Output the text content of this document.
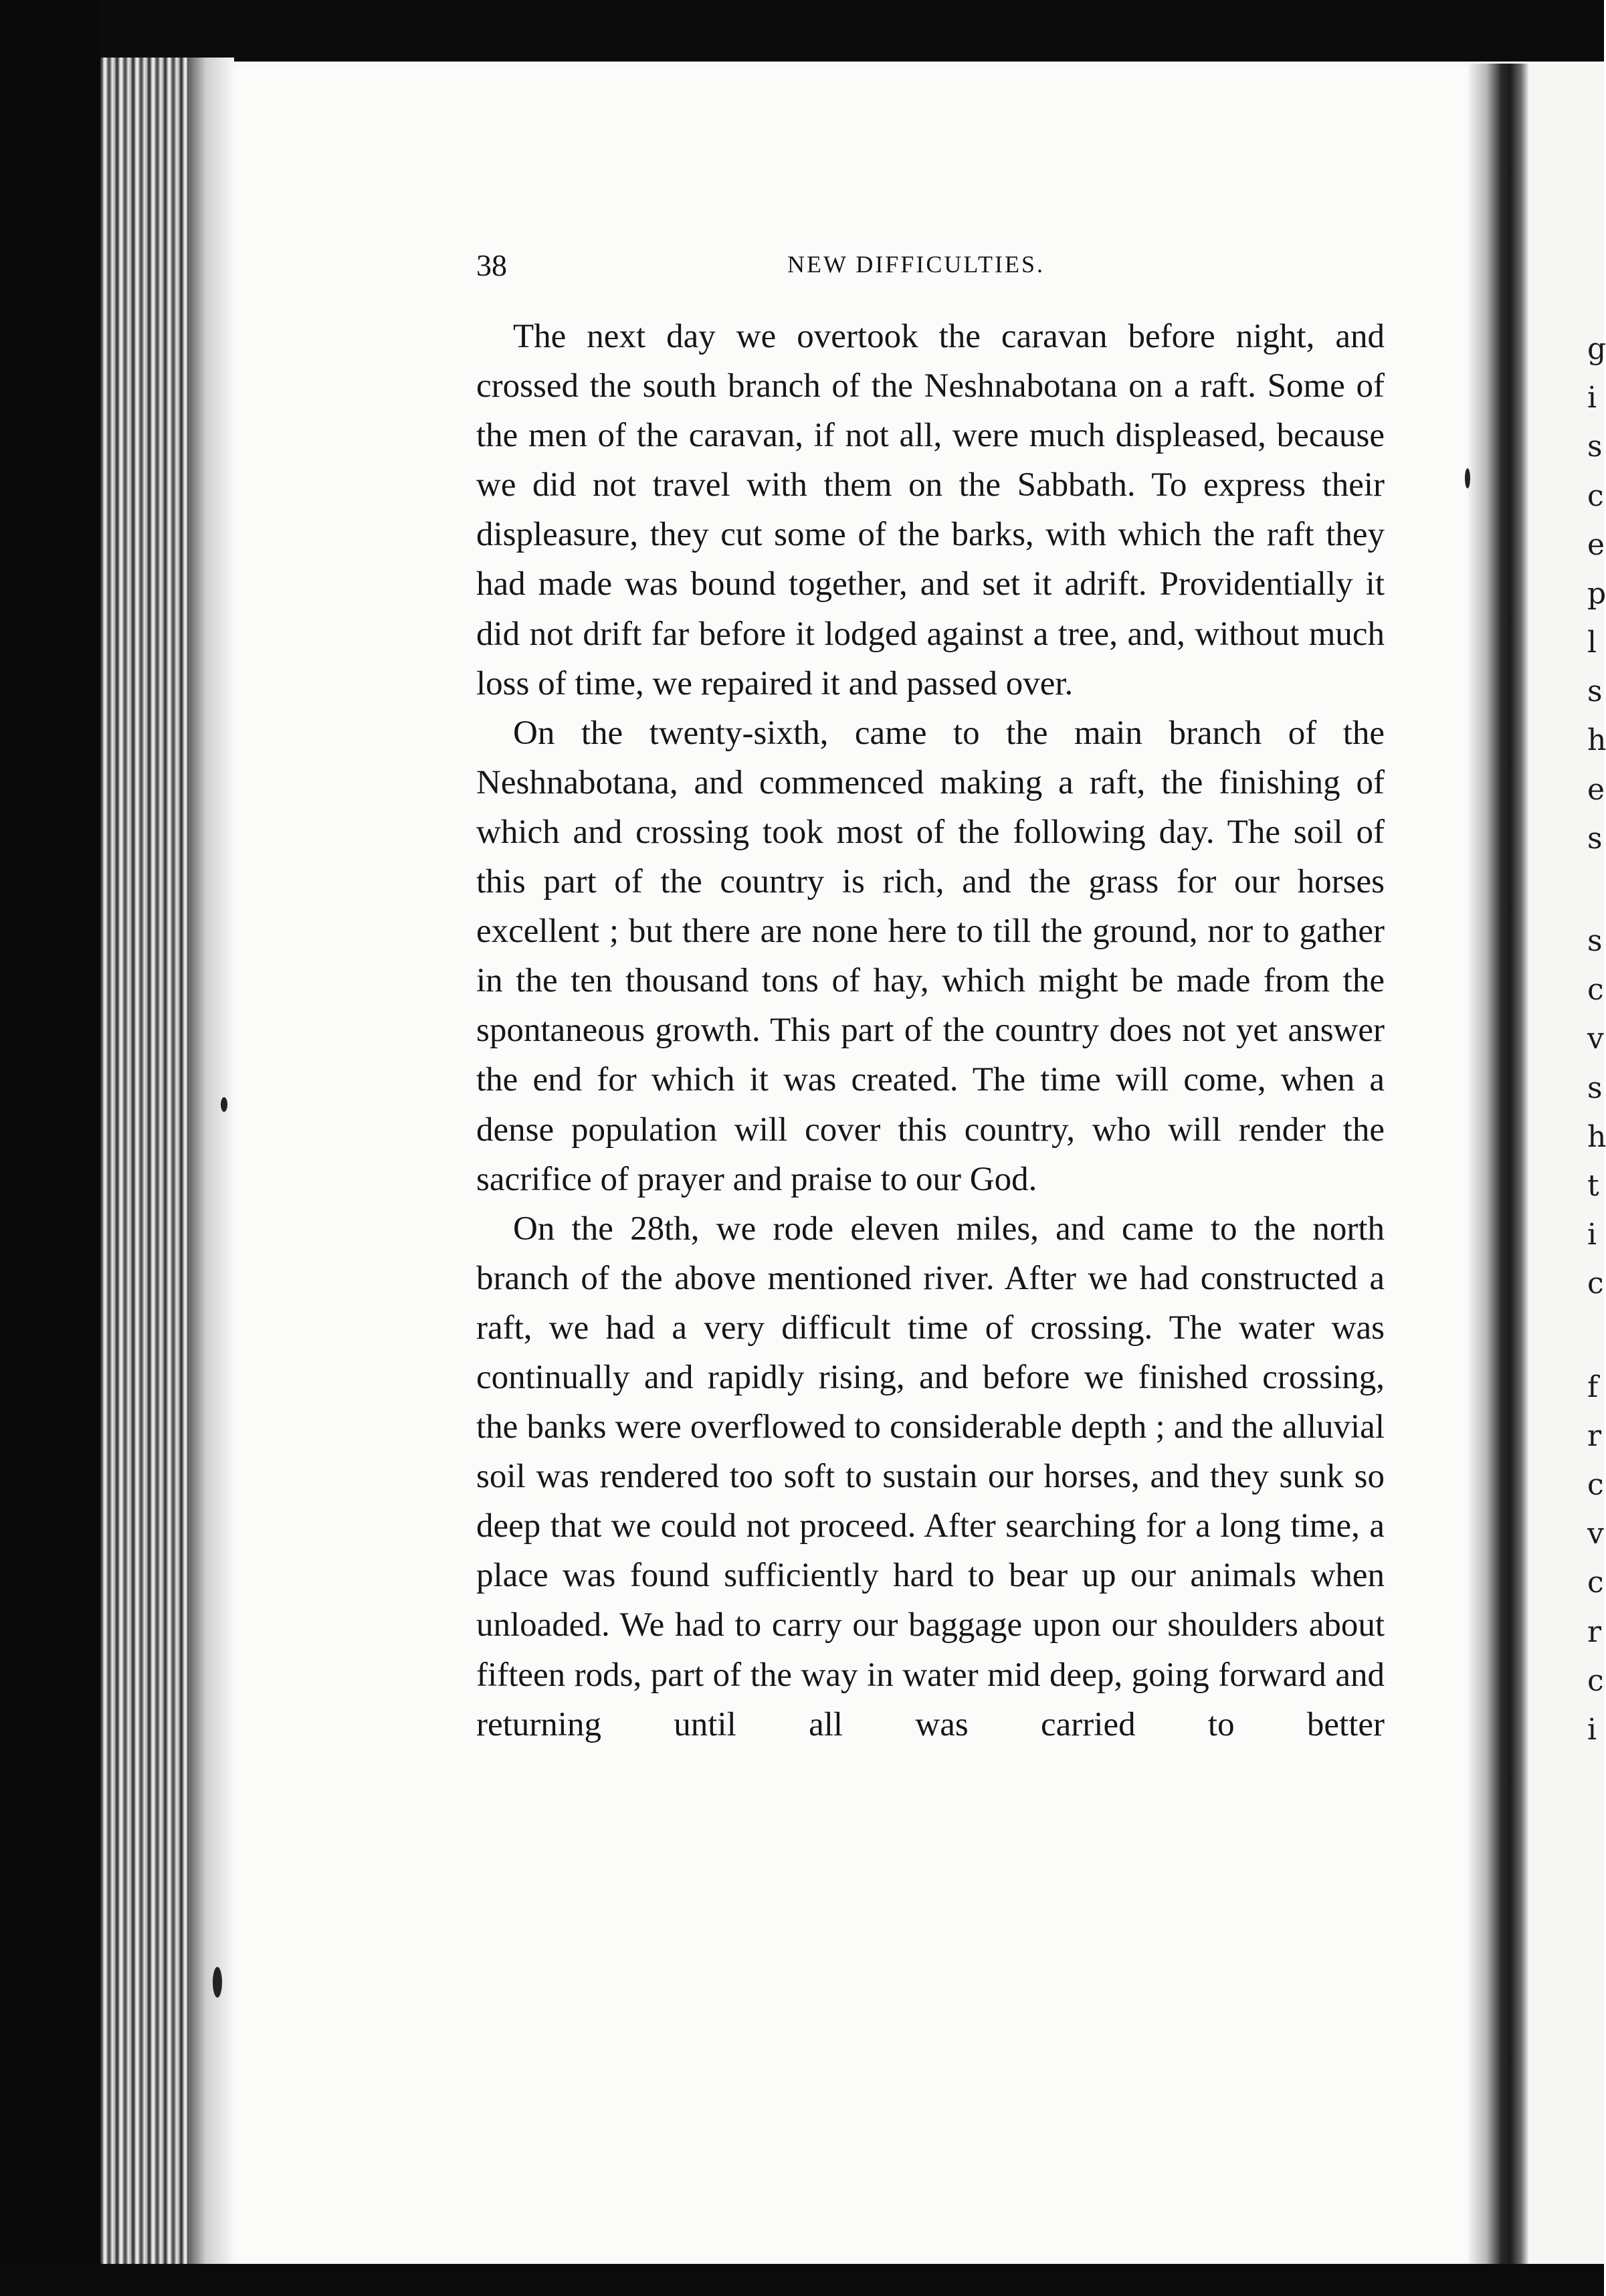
g
i
s
c
e
p
l
s
h
e
s
s
c
v
s
h
t
i
c
f
r
c
v
c
r
c
i
38	NEW DIFFICULTIES.

The next day we overtook the caravan before night, and crossed the south branch of the Neshnabotana on a raft. Some of the men of the caravan, if not all, were much displeased, because we did not travel with them on the Sabbath. To express their displeasure, they cut some of the barks, with which the raft they had made was bound together, and set it adrift. Providentially it did not drift far before it lodged against a tree, and, without much loss of time, we repaired it and passed over.

On the twenty-sixth, came to the main branch of the Neshnabotana, and commenced making a raft, the finishing of which and crossing took most of the following day. The soil of this part of the country is rich, and the grass for our horses excellent ; but there are none here to till the ground, nor to gather in the ten thousand tons of hay, which might be made from the spontaneous growth. This part of the country does not yet answer the end for which it was created. The time will come, when a dense population will cover this country, who will render the sacrifice of prayer and praise to our God.

On the 28th, we rode eleven miles, and came to the north branch of the above mentioned river. After we had constructed a raft, we had a very difficult time of crossing. The water was continually and rapidly rising, and before we finished crossing, the banks were overflowed to considerable depth ; and the alluvial soil was rendered too soft to sustain our horses, and they sunk so deep that we could not proceed. After searching for a long time, a place was found sufficiently hard to bear up our animals when unloaded. We had to carry our baggage upon our shoulders about fifteen rods, part of the way in water mid deep, going forward and returning until all was carried to better
